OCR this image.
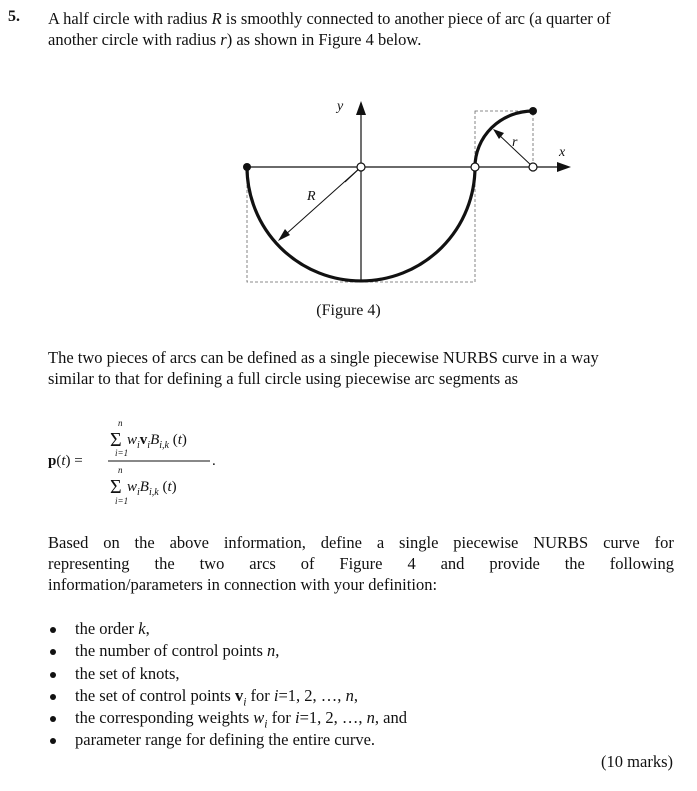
5. A half circle with radius R is smoothly connected to another piece of arc (a quarter of
another circle with radius r) as shown in Figure 4 below.
y
x
R
r
(Figure 4)
The two pieces of arcs can be defined as a single piecewise NURBS curve in a way
similar to that for defining a full circle using piecewise arc segments as
p(t) =
n
Σ
i=1
$w_iv_iB_{i,k}$ (t)
.
n
Σ
i=1
$w_iB_{i,k}$ (t)
Based on the above information, define a single piecewise NURBS curve for
representing the two arcs of Figure 4 and provide the following
information/parameters in connection with your definition:
the order k,
the number of control points n,
the set of knots,
the set of control points $v_i$ for i=1, 2, …, n,
the corresponding weights $w_i$ for i=1, 2, …, n, and
parameter range for defining the entire curve.
(10 marks)
